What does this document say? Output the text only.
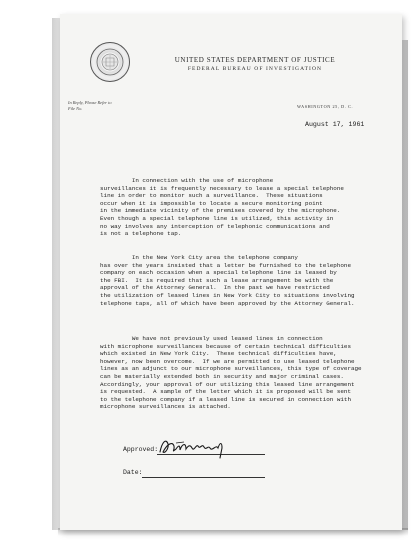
UNITED STATES DEPARTMENT OF JUSTICE
FEDERAL BUREAU OF INVESTIGATION
In Reply, Please Refer to
File No.	WASHINGTON 25, D. C.
August 17, 1961
In connection with the use of microphone
surveillances it is frequently necessary to lease a special telephone
line in order to monitor such a surveillance.  These situations
occur when it is impossible to locate a secure monitoring point
in the immediate vicinity of the premises covered by the microphone.
Even though a special telephone line is utilized, this activity in
no way involves any interception of telephonic communications and
is not a telephone tap.
In the New York City area the telephone company
has over the years insisted that a letter be furnished to the telephone
company on each occasion when a special telephone line is leased by
the FBI.  It is required that such a lease arrangement be with the
approval of the Attorney General.  In the past we have restricted
the utilization of leased lines in New York City to situations involving
telephone taps, all of which have been approved by the Attorney General.
We have not previously used leased lines in connection
with microphone surveillances because of certain technical difficulties
which existed in New York City.  These technical difficulties have,
however, now been overcome.  If we are permitted to use leased telephone
lines as an adjunct to our microphone surveillances, this type of coverage
can be materially extended both in security and major criminal cases.
Accordingly, your approval of our utilizing this leased line arrangement
is requested.  A sample of the letter which it is proposed will be sent
to the telephone company if a leased line is secured in connection with
microphone surveillances is attached.
Approved:
Date:
